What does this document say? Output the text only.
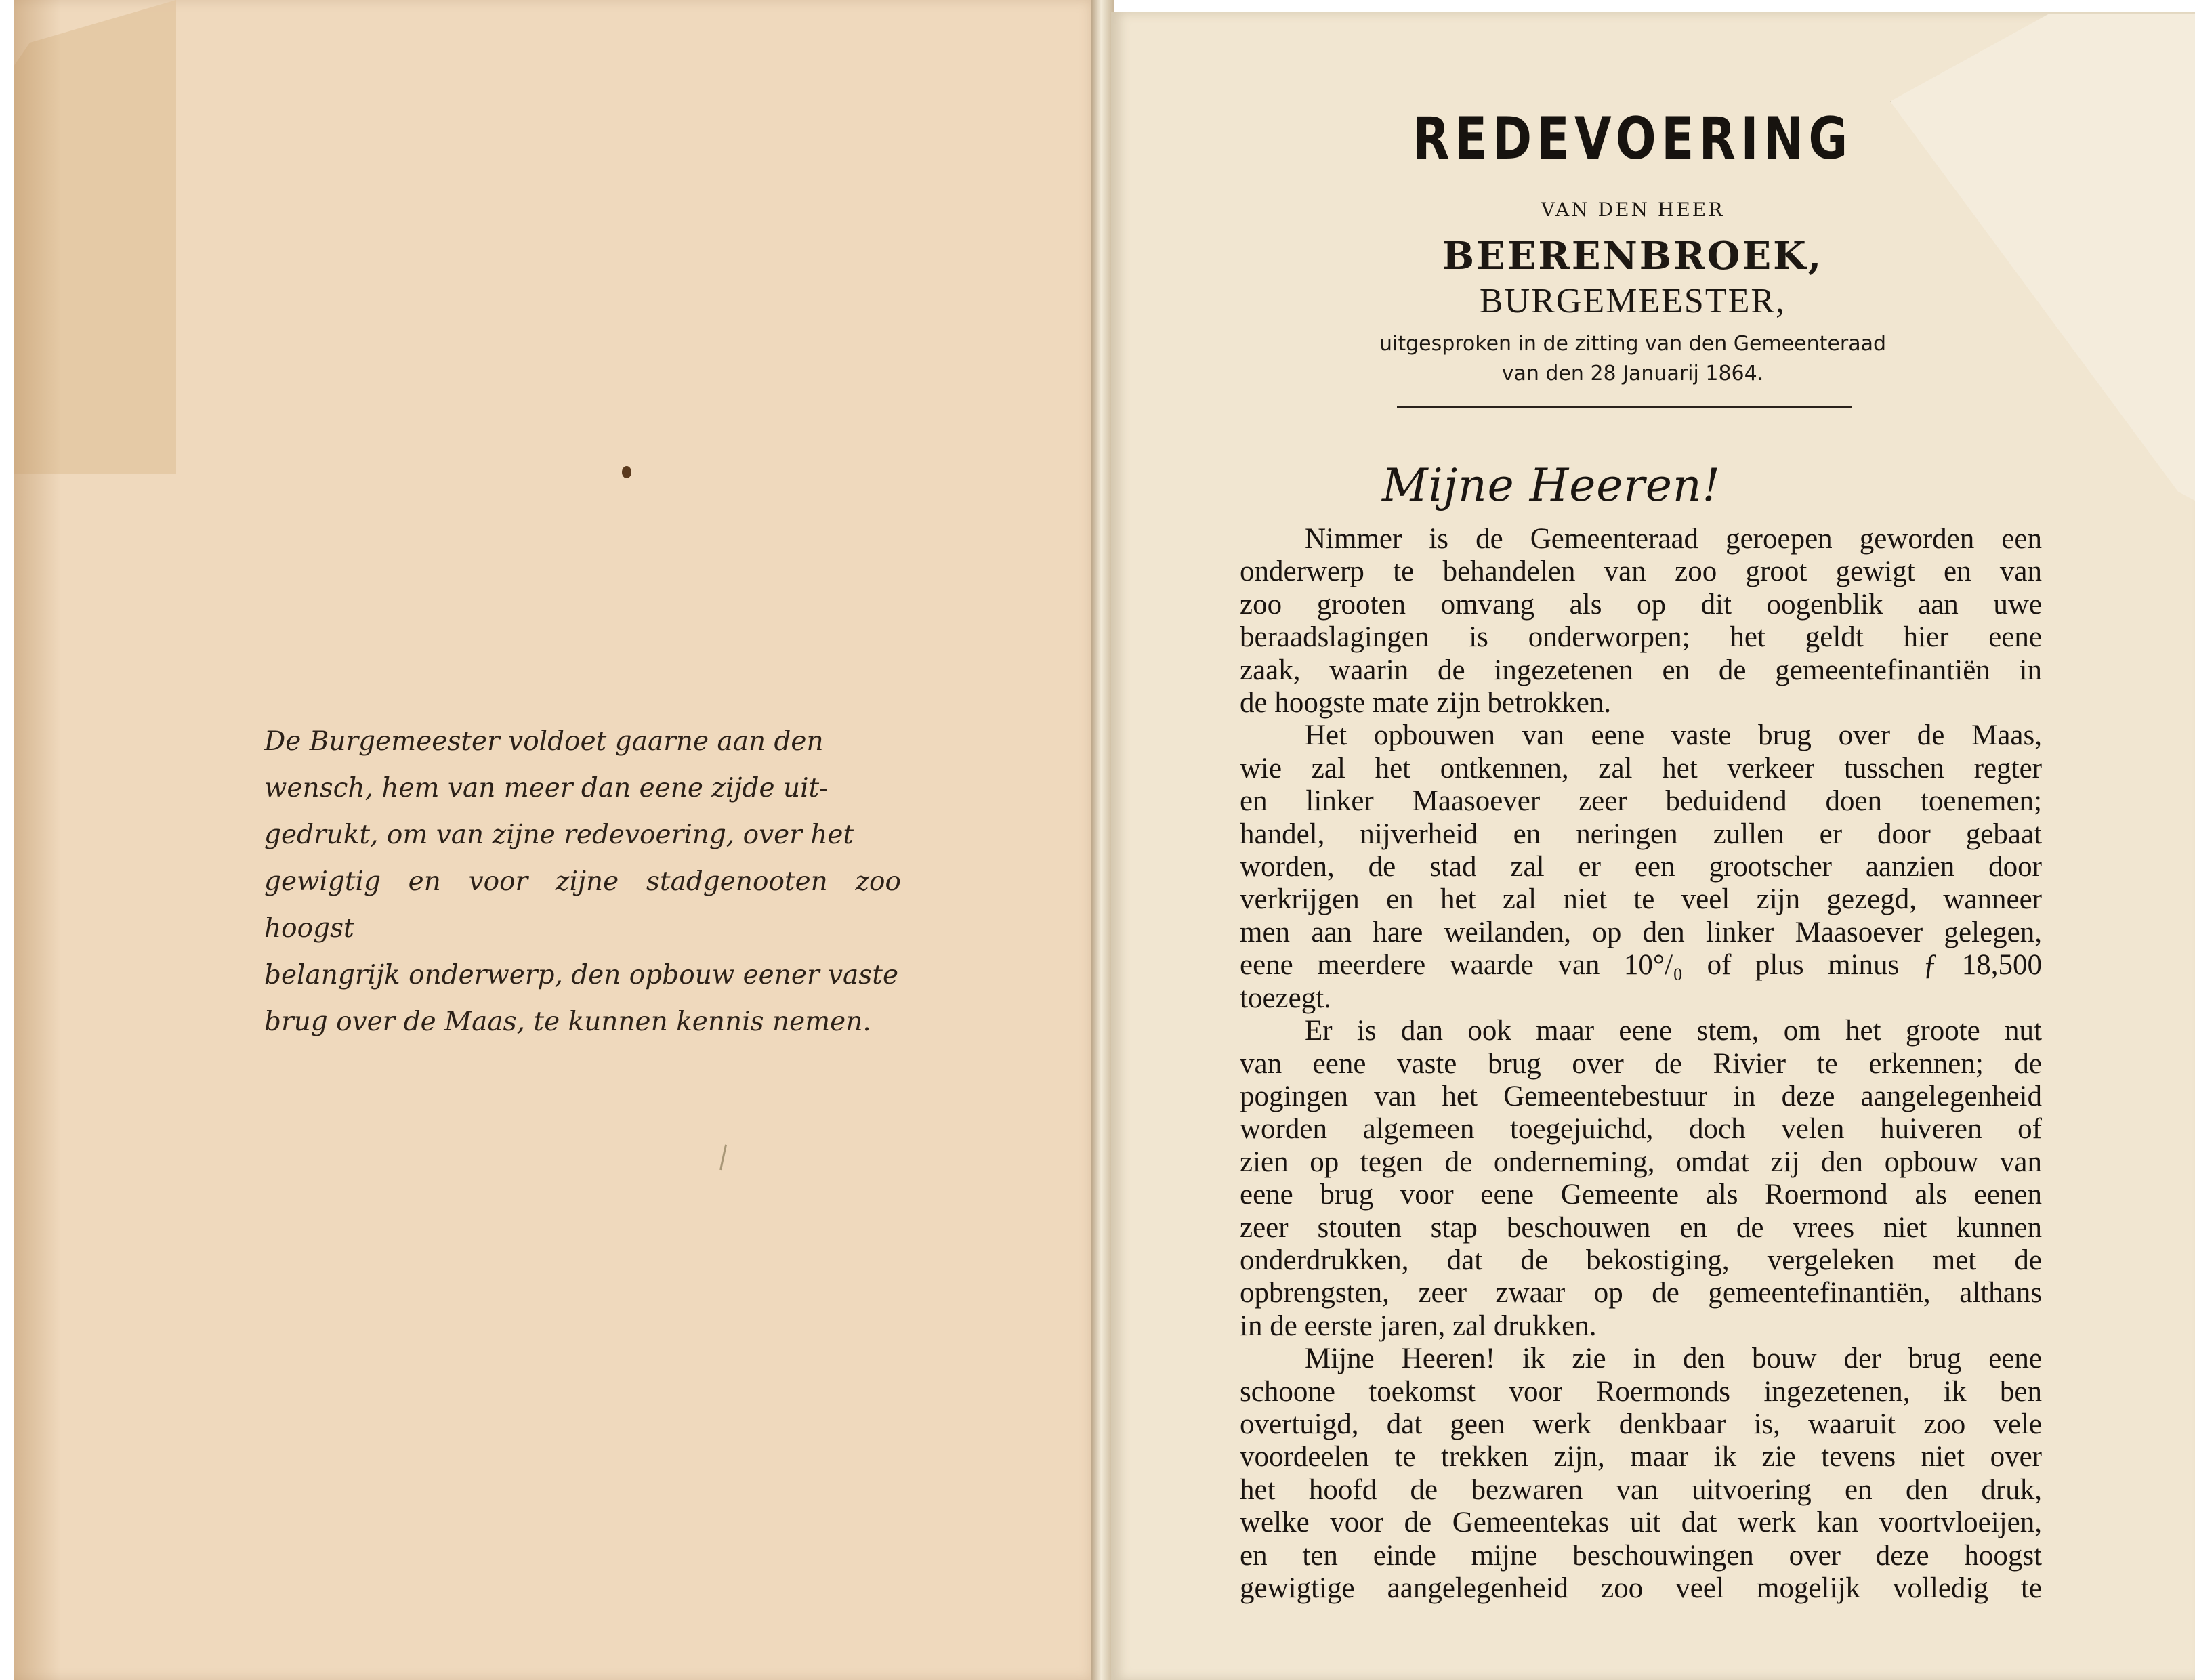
De Burgemeester voldoet gaarne aan den
wensch, hem van meer dan eene zijde uit-
gedrukt, om van zijne redevoering, over het
gewigtig en voor zijne stadgenooten zoo hoogst
belangrijk onderwerp, den opbouw eener vaste
brug over de Maas, te kunnen kennis nemen.

REDEVOERING

VAN DEN HEER

BEERENBROEK,

BURGEMEESTER,

uitgesproken in de zitting van den Gemeenteraad

van den 28 Januarij 1864.

Mijne Heeren!

Nimmer is de Gemeenteraad geroepen geworden een
onderwerp te behandelen van zoo groot gewigt en van
zoo grooten omvang als op dit oogenblik aan uwe
beraadslagingen is onderworpen; het geldt hier eene
zaak, waarin de ingezetenen en de gemeentefinantiën in
de hoogste mate zijn betrokken.
Het opbouwen van eene vaste brug over de Maas,
wie zal het ontkennen, zal het verkeer tusschen regter
en linker Maasoever zeer beduidend doen toenemen;
handel, nijverheid en neringen zullen er door gebaat
worden, de stad zal er een grootscher aanzien door
verkrijgen en het zal niet te veel zijn gezegd, wanneer
men aan hare weilanden, op den linker Maasoever gelegen,
eene meerdere waarde van 10°/₀ of plus minus ƒ 18,500
toezegt.
Er is dan ook maar eene stem, om het groote nut
van eene vaste brug over de Rivier te erkennen; de
pogingen van het Gemeentebestuur in deze aangelegenheid
worden algemeen toegejuichd, doch velen huiveren of
zien op tegen de onderneming, omdat zij den opbouw van
eene brug voor eene Gemeente als Roermond als eenen
zeer stouten stap beschouwen en de vrees niet kunnen
onderdrukken, dat de bekostiging, vergeleken met de
opbrengsten, zeer zwaar op de gemeentefinantiën, althans
in de eerste jaren, zal drukken.
Mijne Heeren! ik zie in den bouw der brug eene
schoone toekomst voor Roermonds ingezetenen, ik ben
overtuigd, dat geen werk denkbaar is, waaruit zoo vele
voordeelen te trekken zijn, maar ik zie tevens niet over
het hoofd de bezwaren van uitvoering en den druk,
welke voor de Gemeentekas uit dat werk kan voortvloeijen,
en ten einde mijne beschouwingen over deze hoogst
gewigtige aangelegenheid zoo veel mogelijk volledig te
